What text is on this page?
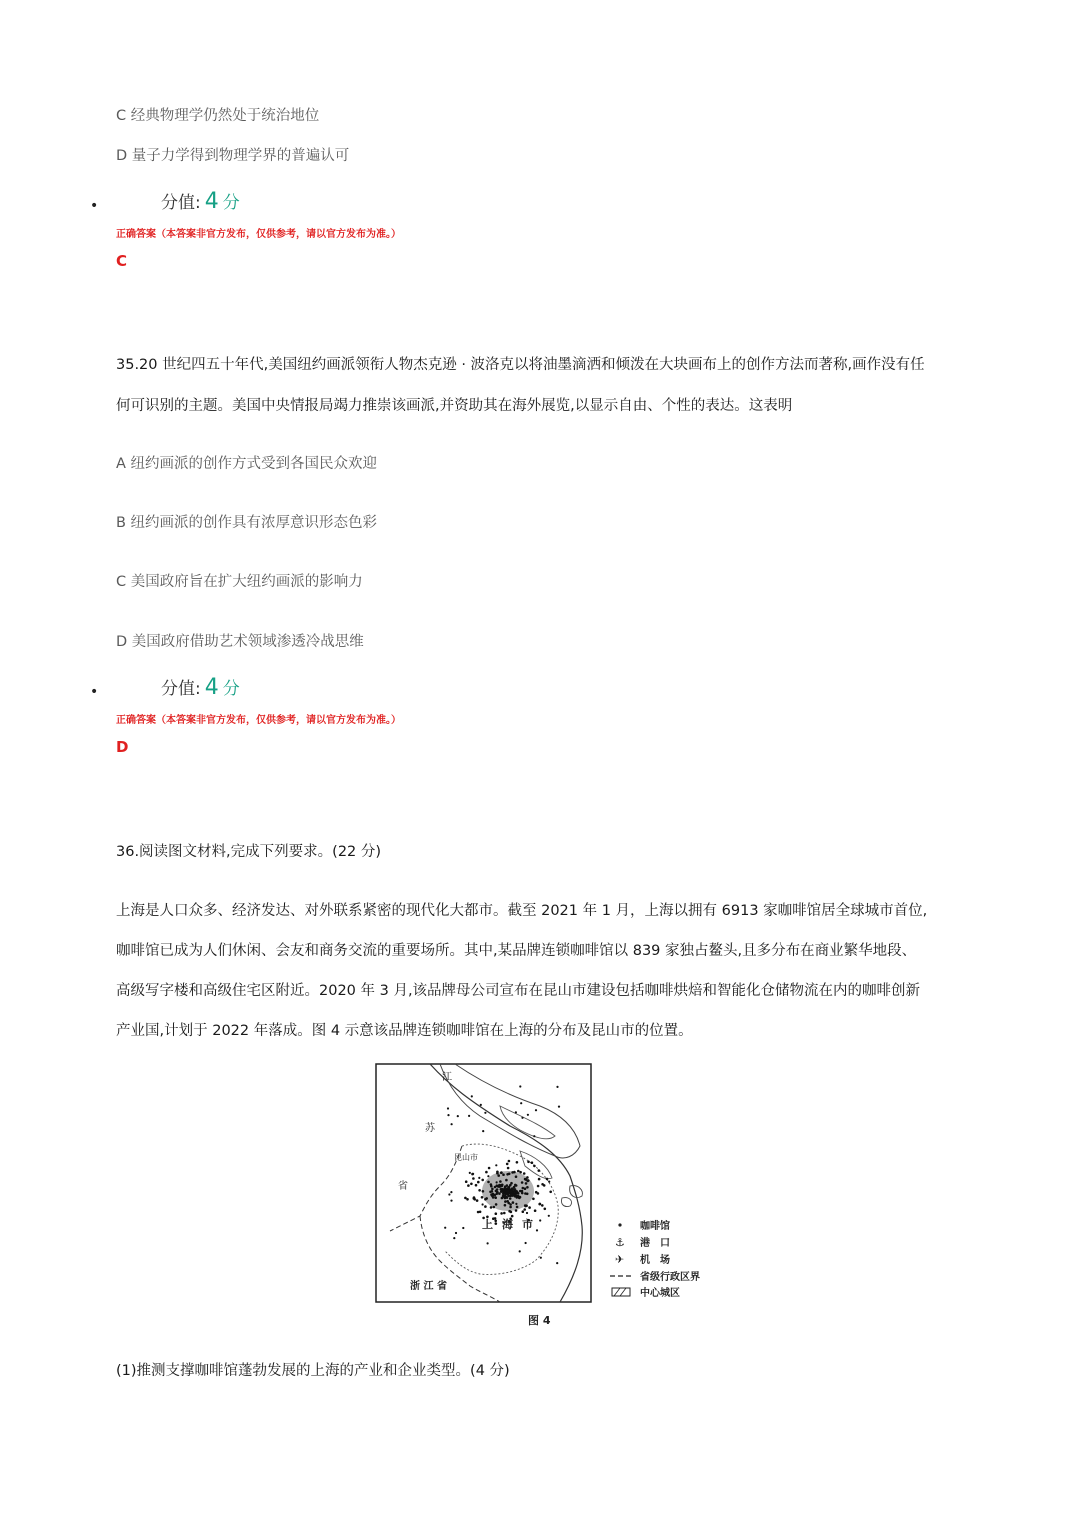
C 经典物理学仍然处于统治地位
D 量子力学得到物理学界的普遍认可
•	分值: 4 分
正确答案（本答案非官方发布，仅供参考，请以官方发布为准。）
C
35.20 世纪四五十年代,美国纽约画派领衔人物杰克逊 · 波洛克以将油墨滴洒和倾泼在大块画布上的创作方法而著称,画作没有任
何可识别的主题。美国中央情报局竭力推崇该画派,并资助其在海外展览,以显示自由、个性的表达。这表明
A 纽约画派的创作方式受到各国民众欢迎
B 纽约画派的创作具有浓厚意识形态色彩
C 美国政府旨在扩大纽约画派的影响力
D 美国政府借助艺术领域渗透冷战思维
•	分值: 4 分
正确答案（本答案非官方发布，仅供参考，请以官方发布为准。）
D
36.阅读图文材料,完成下列要求。(22 分)
上海是人口众多、经济发达、对外联系紧密的现代化大都市。截至 2021 年 1 月，上海以拥有 6913 家咖啡馆居全球城市首位,
咖啡馆已成为人们休闲、会友和商务交流的重要场所。其中,某品牌连锁咖啡馆以 839 家独占鳌头,且多分布在商业繁华地段、
高级写字楼和高级住宅区附近。2020 年 3 月,该品牌母公司宣布在昆山市建设包括咖啡烘焙和智能化仓储物流在内的咖啡创新
产业国,计划于 2022 年落成。图 4 示意该品牌连锁咖啡馆在上海的分布及昆山市的位置。
江
苏
省
昆山市
上 海 市
浙 江 省
咖啡馆
⚓ 港　口
✈ 机　场
省级行政区界
中心城区
图 4
(1)推测支撑咖啡馆蓬勃发展的上海的产业和企业类型。(4 分)
